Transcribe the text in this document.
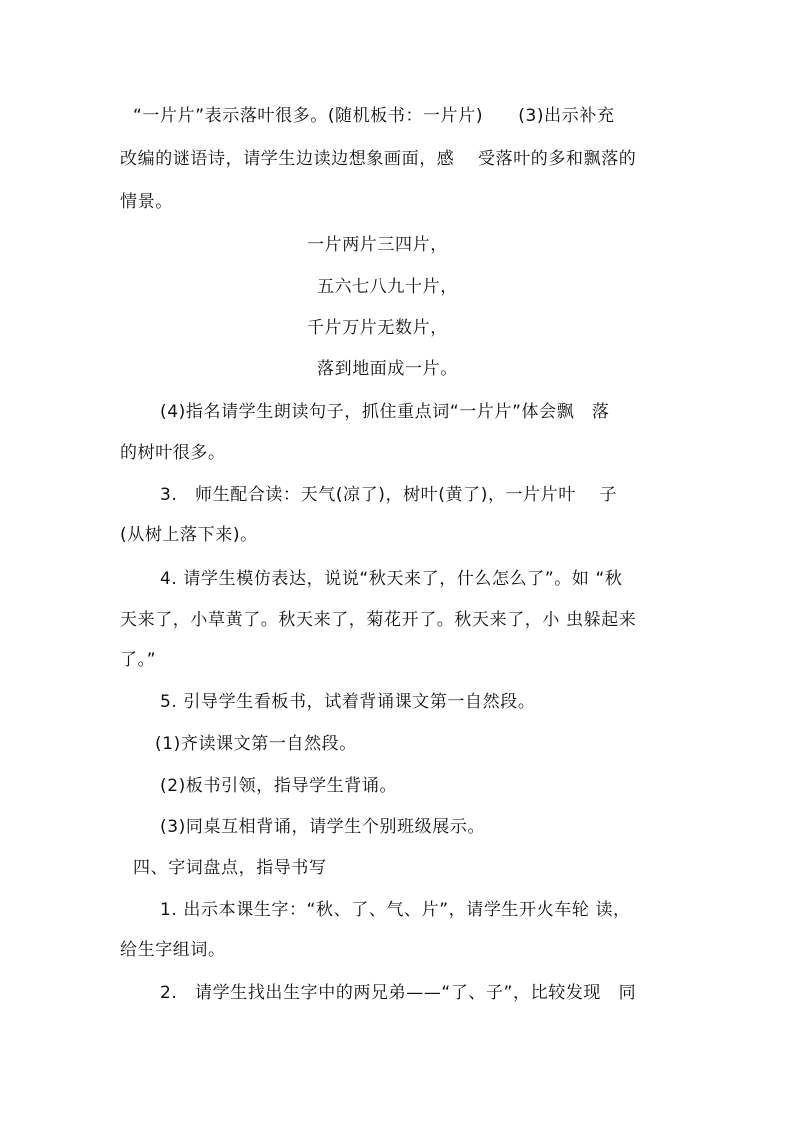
“一片片”表示落叶很多。(随机板书：一片片)　　(3)出示补充
改编的谜语诗，请学生边读边想象画面，感　 受落叶的多和飘落的
情景。
一片两片三四片，
五六七八九十片，
千片万片无数片，
落到地面成一片。
(4)指名请学生朗读句子，抓住重点词“一片片”体会飘　落
的树叶很多。
3.　师生配合读：天气(凉了)，树叶(黄了)，一片片叶　 子
(从树上落下来)。
4. 请学生模仿表达，说说“秋天来了，什么怎么了”。如 “秋
天来了，小草黄了。秋天来了，菊花开了。秋天来了，小 虫躲起来
了。”
5. 引导学生看板书，试着背诵课文第一自然段。
(1)齐读课文第一自然段。
(2)板书引领，指导学生背诵。
(3)同桌互相背诵，请学生个别班级展示。
四、字词盘点，指导书写
1. 出示本课生字：“秋、了、气、片”，请学生开火车轮 读，
给生字组词。
2.　请学生找出生字中的两兄弟——“了、子”，比较发现　同
